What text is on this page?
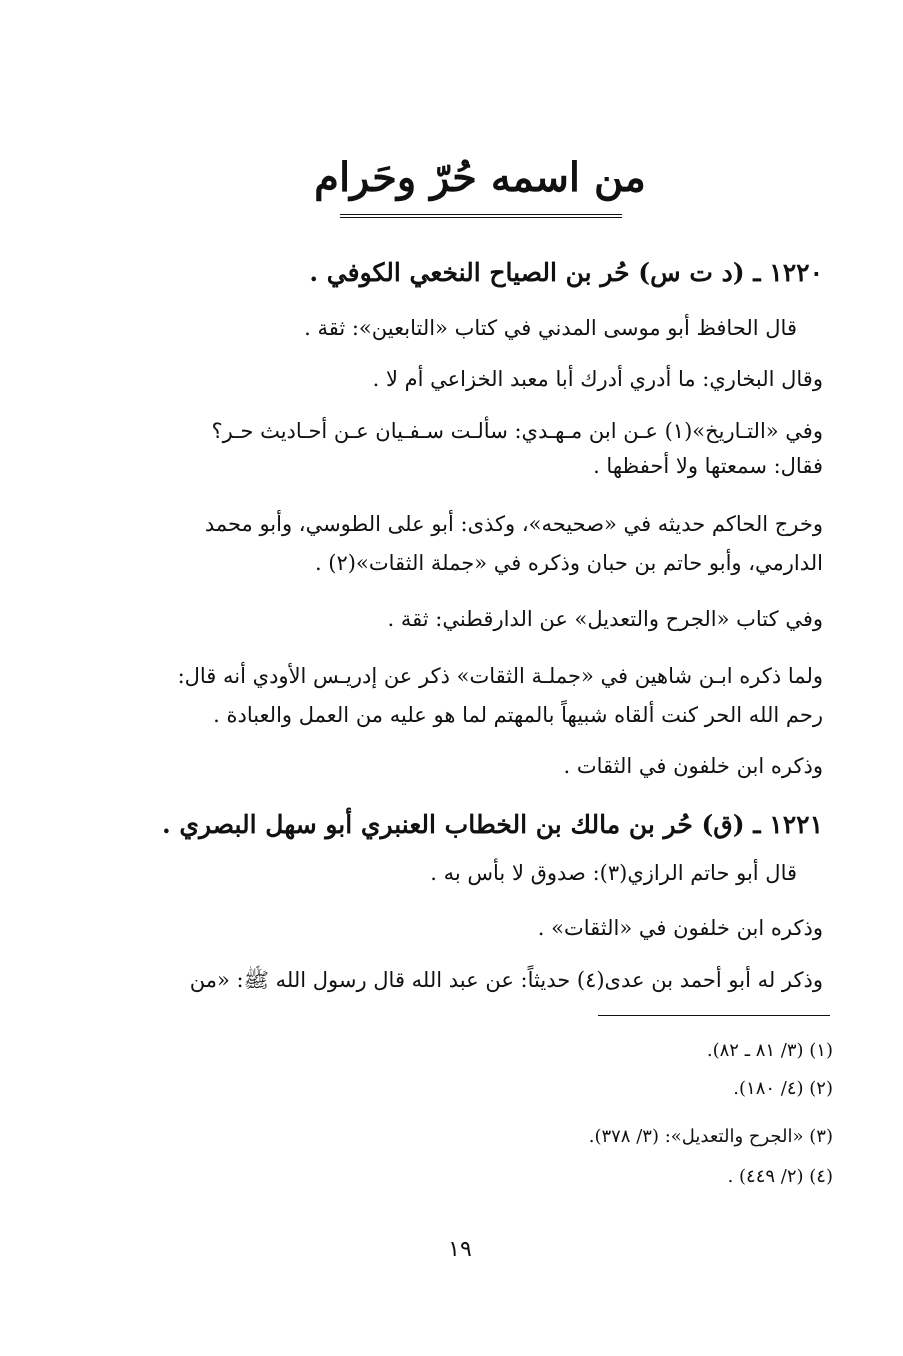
من اسمه حُرّ وحَرام
١٢٢٠ ـ (د ت س) حُر بن الصياح النخعي الكوفي .
قال الحافظ أبو موسى المدني في كتاب «التابعين»: ثقة .
وقال البخاري: ما أدري أدرك أبا معبد الخزاعي أم لا .
وفي «التـاريخ»(١) عـن ابن مـهـدي: سألـت سـفـيان عـن أحـاديث حـر؟
فقال: سمعتها ولا أحفظها .
وخرج الحاكم حديثه في «صحيحه»، وكذى: أبو على الطوسي، وأبو محمد
الدارمي، وأبو حاتم بن حبان وذكره في «جملة الثقات»(٢) .
وفي كتاب «الجرح والتعديل» عن الدارقطني: ثقة .
ولما ذكره ابـن شاهين في «جملـة الثقات» ذكر عن إدريـس الأودي أنه قال:
رحم الله الحر كنت ألقاه شبيهاً بالمهتم لما هو عليه من العمل والعبادة .
وذكره ابن خلفون في الثقات .
١٢٢١ ـ (ق) حُر بن مالك بن الخطاب العنبري أبو سهل البصري .
قال أبو حاتم الرازي(٣): صدوق لا بأس به .
وذكره ابن خلفون في «الثقات» .
وذكر له أبو أحمد بن عدى(٤) حديثاً: عن عبد الله قال رسول الله ﷺ: «من
(١) (٣/ ٨١ ـ ٨٢).
(٢) (٤/ ١٨٠).
(٣) «الجرح والتعديل»: (٣/ ٣٧٨).
(٤) (٢/ ٤٤٩) .
١٩
